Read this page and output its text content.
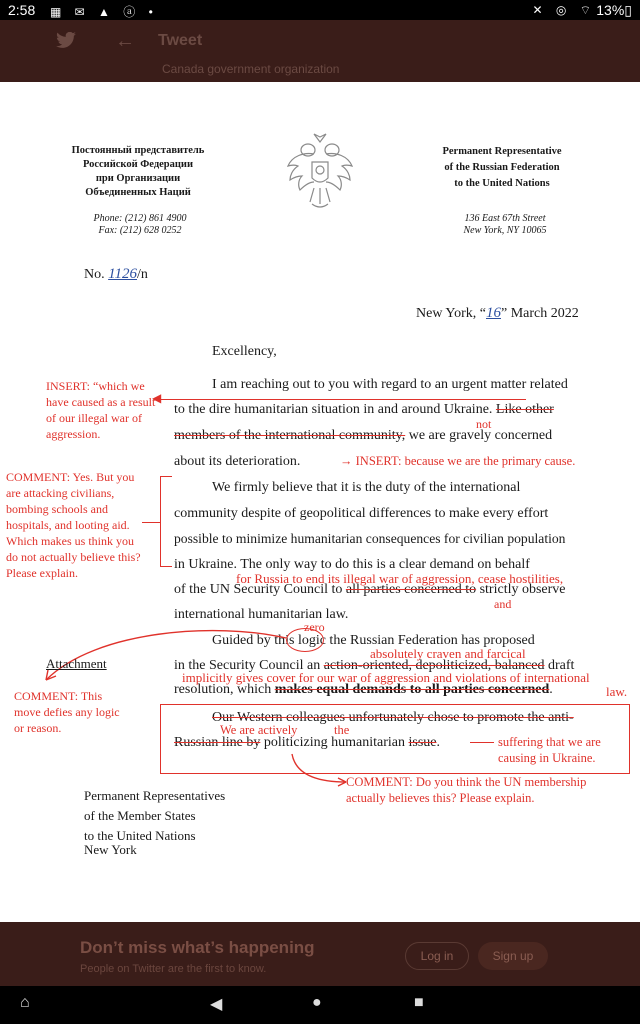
2:58 ▦ ✉ ▲ ⓐ •	✕ ◎ ⌔ 13%▯
← Tweet
Canada government organization
Постоянный представитель
Российской Федерации
при Организации
Объединенных Наций
Permanent Representative
of the Russian Federation
to the United Nations
Phone: (212) 861 4900
Fax: (212) 628 0252
136 East 67th Street
New York, NY 10065
No. 1126/n
New York, “16” March 2022
Excellency,
I am reaching out to you with regard to an urgent matter related
to the dire humanitarian situation in and around Ukraine. Like other
members of the international community, we are gravely concerned
about its deterioration.
We firmly believe that it is the duty of the international
community despite of geopolitical differences to make every effort
possible to minimize humanitarian consequences for civilian population
in Ukraine. The only way to do this is a clear demand on behalf
of the UN Security Council to all parties concerned to strictly observe
international humanitarian law.
Guided by this logic the Russian Federation has proposed
in the Security Council an action-oriented, depoliticized, balanced draft
resolution, which makes equal demands to all parties concerned.
Our Western colleagues unfortunately chose to promote the anti-
Russian line by politicizing humanitarian issue.
INSERT: “which we have caused as a result of our illegal war of aggression.
◀
COMMENT: Yes. But you are attacking civilians, bombing schools and hospitals, and looting aid. Which makes us think you do not actually believe this? Please explain.
not
→ INSERT: because we are the primary cause.
for Russia to end its illegal war of aggression, cease hostilities,
and
zero
absolutely craven and farcical
implicitly gives cover for our war of aggression and violations of international
law.
We are actively	the
suffering that we are causing in Ukraine.
COMMENT: Do you think the UN membership actually believes this? Please explain.
Attachment
COMMENT: This move defies any logic or reason.
Permanent Representatives
of the Member States
to the United Nations
New York
Don’t miss what’s happening
People on Twitter are the first to know.
Log in	Sign up
⌂	◀	●	■
